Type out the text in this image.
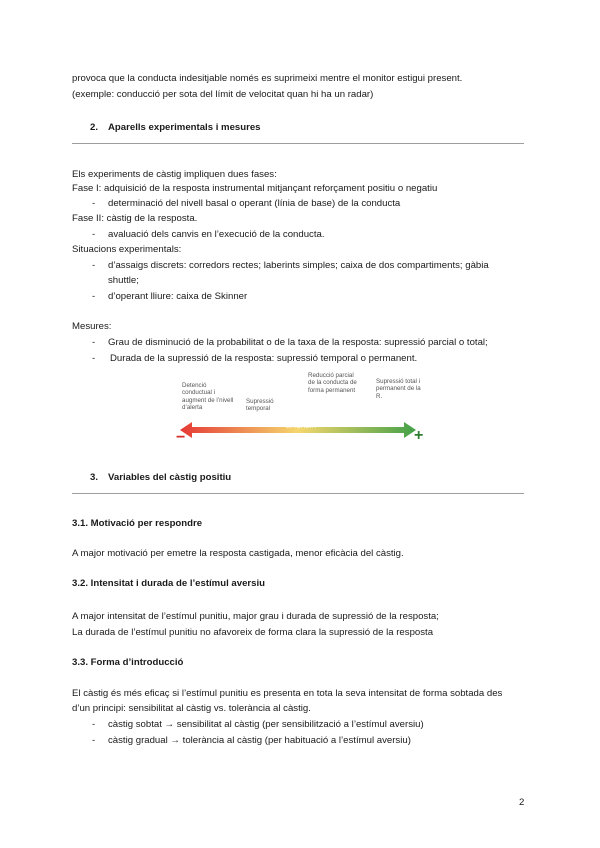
provoca que la conducta indesitjable només es suprimeixi mentre el monitor estigui present.
(exemple: conducció per sota del límit de velocitat quan hi ha un radar)
2. Aparells experimentals i mesures
Els experiments de càstig impliquen dues fases:
Fase I: adquisició de la resposta instrumental mitjançant reforçament positiu o negatiu
- determinació del nivell basal o operant (línia de base) de la conducta
Fase II: càstig de la resposta.
- avaluació dels canvis en l’execució de la conducta.
Situacions experimentals:
- d’assaigs discrets: corredors rectes; laberints simples; caixa de dos compartiments; gàbia
shuttle;
- d’operant lliure: caixa de Skinner
Mesures:
- Grau de disminució de la probabilitat o de la taxa de la resposta: supressió parcial o total;
- Durada de la supressió de la resposta: supressió temporal o permanent.
Detenció conductual i augment de l’nivell d’alerta
Supressió temporal
Reducció parcial de la conducta de forma permanent
Supressió total i permanent de la R.
EFICÀCIA
−	+
3. Variables del càstig positiu
3.1. Motivació per respondre
A major motivació per emetre la resposta castigada, menor eficàcia del càstig.
3.2. Intensitat i durada de l’estímul aversiu
A major intensitat de l’estímul punitiu, major grau i durada de supressió de la resposta;
La durada de l’estímul punitiu no afavoreix de forma clara la supressió de la resposta
3.3. Forma d’introducció
El càstig és més eficaç si l’estímul punitiu es presenta en tota la seva intensitat de forma sobtada des
d’un principi: sensibilitat al càstig vs. tolerància al càstig.
- càstig sobtat → sensibilitat al càstig (per sensibilització a l’estímul aversiu)
- càstig gradual → tolerància al càstig (per habituació a l’estímul aversiu)
2
